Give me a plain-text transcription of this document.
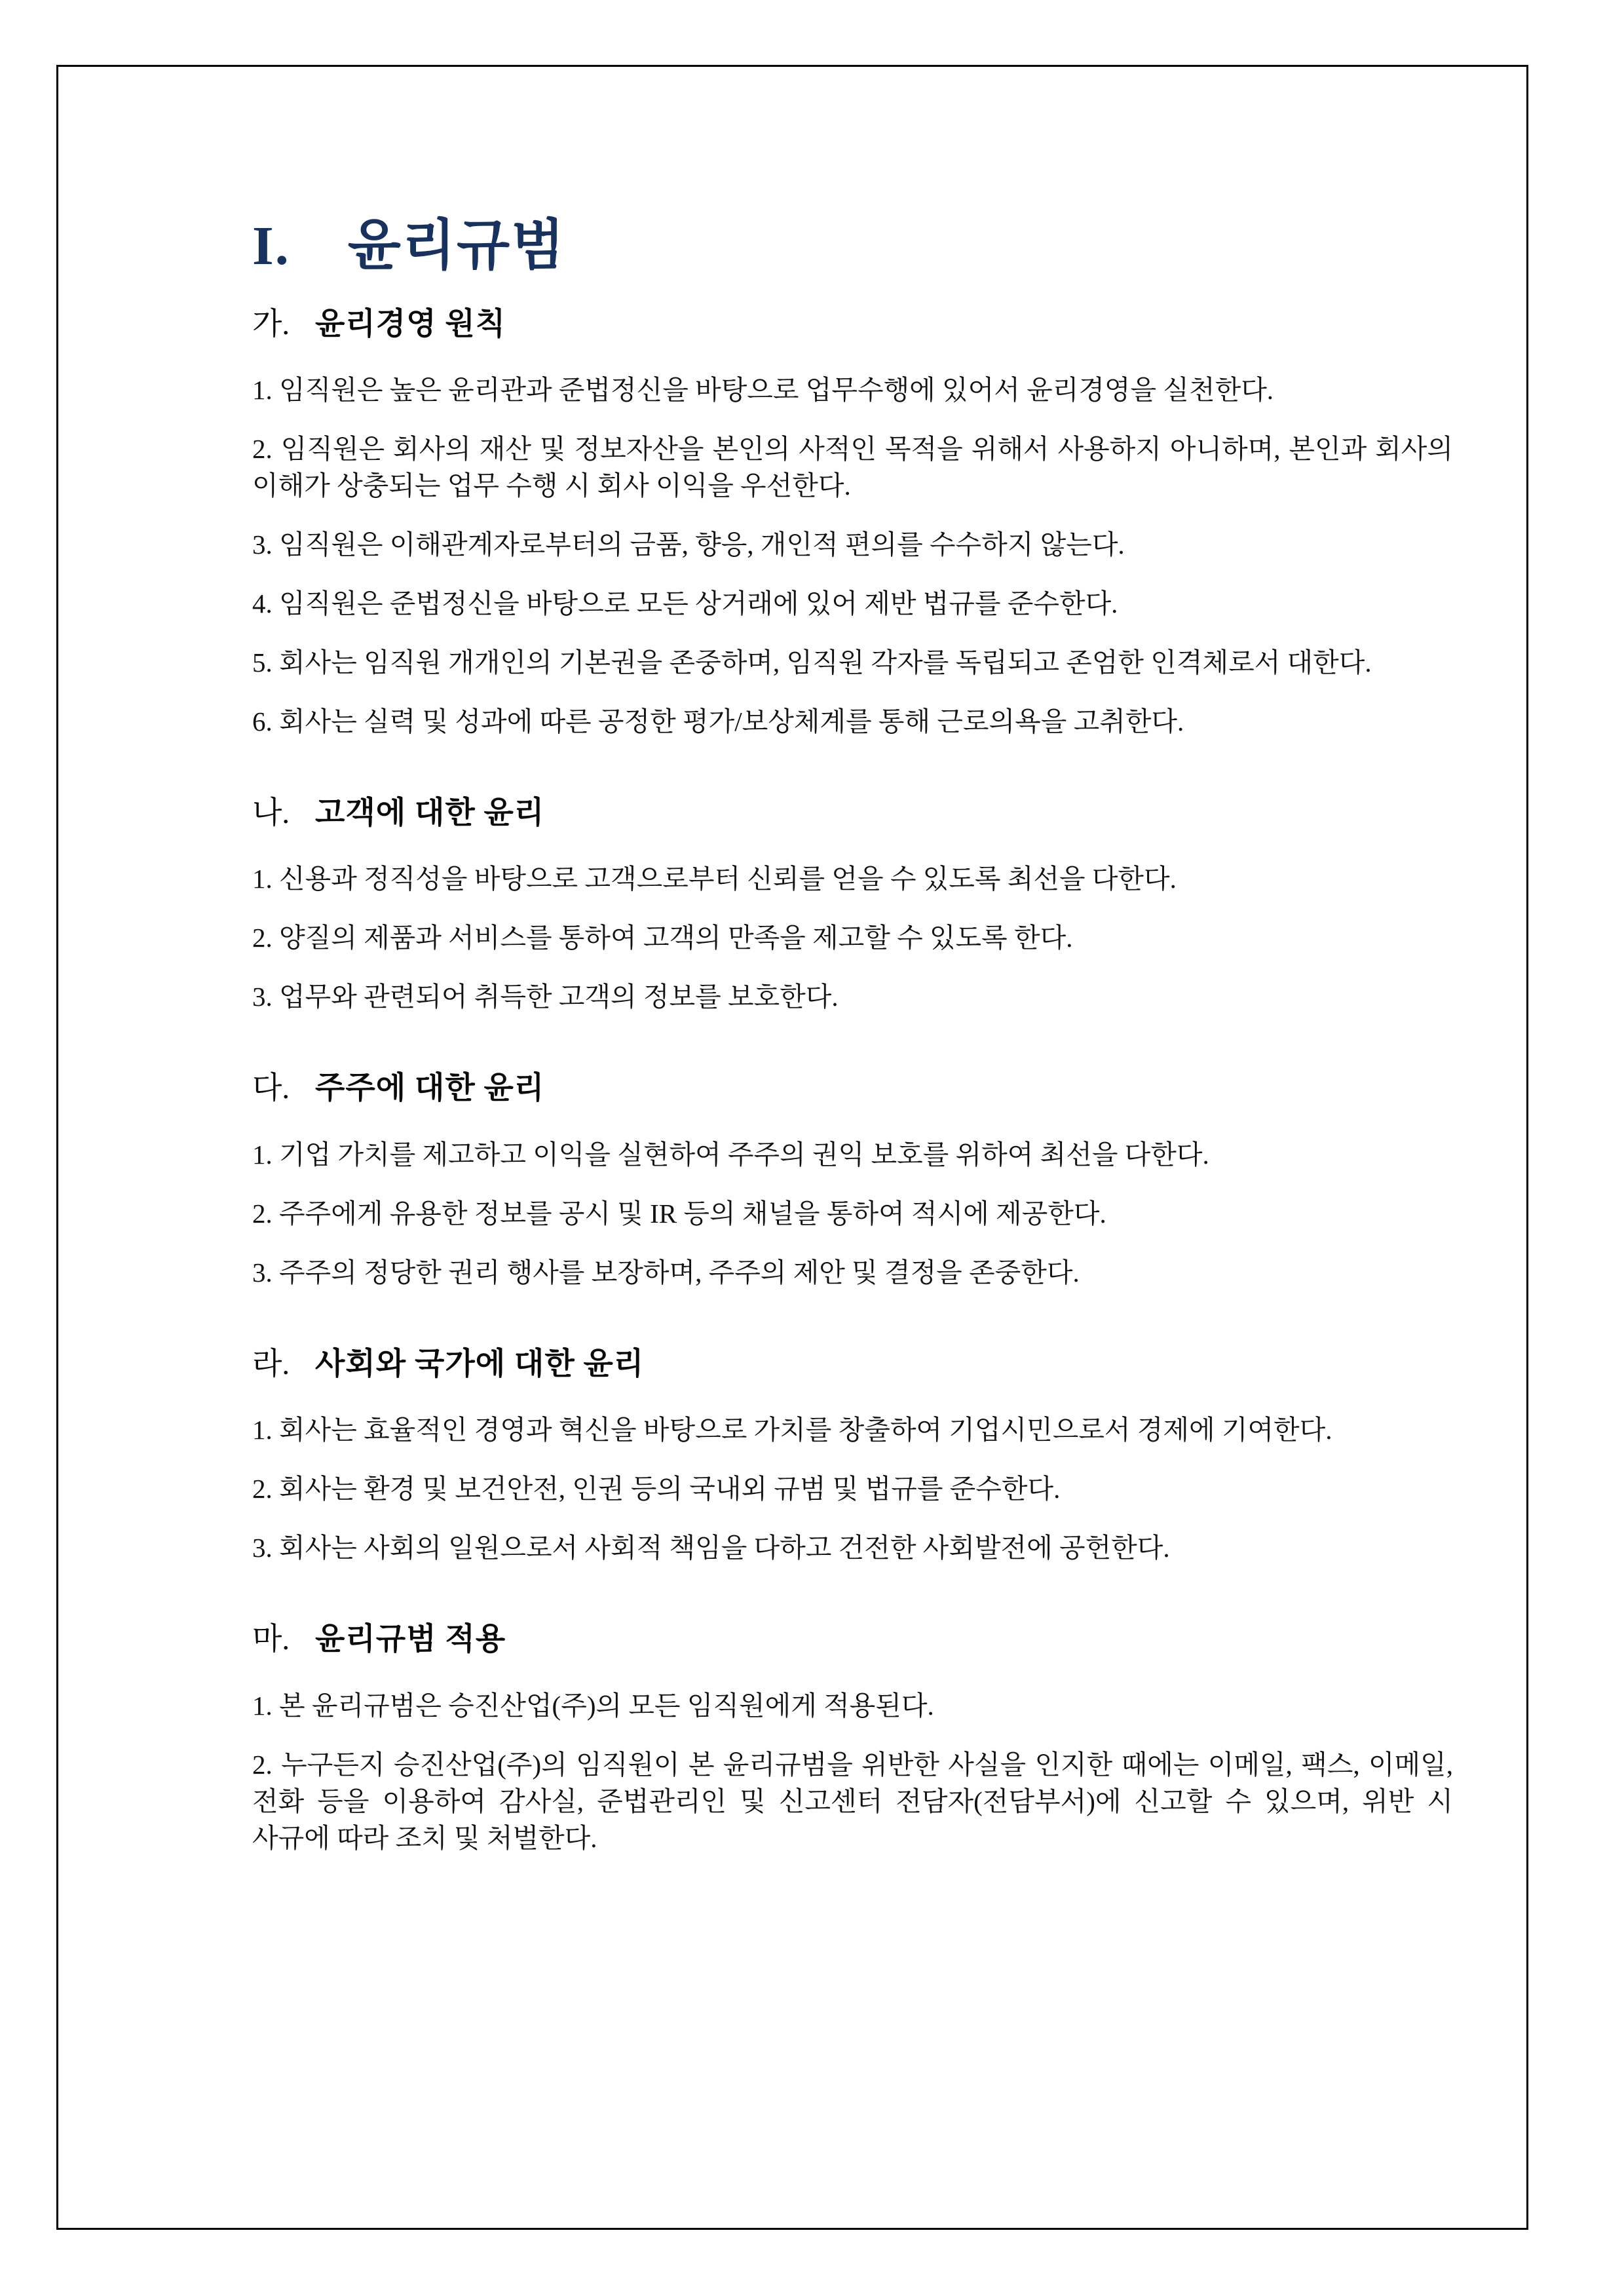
I. 윤리규범
가. 윤리경영 원칙

1. 임직원은 높은 윤리관과 준법정신을 바탕으로 업무수행에 있어서 윤리경영을 실천한다.

2. 임직원은 회사의 재산 및 정보자산을 본인의 사적인 목적을 위해서 사용하지 아니하며, 본인과 회사의 이해가 상충되는 업무 수행 시 회사 이익을 우선한다.

3. 임직원은 이해관계자로부터의 금품, 향응, 개인적 편의를 수수하지 않는다.

4. 임직원은 준법정신을 바탕으로 모든 상거래에 있어 제반 법규를 준수한다.

5. 회사는 임직원 개개인의 기본권을 존중하며, 임직원 각자를 독립되고 존엄한 인격체로서 대한다.

6. 회사는 실력 및 성과에 따른 공정한 평가/보상체계를 통해 근로의욕을 고취한다.

나. 고객에 대한 윤리

1. 신용과 정직성을 바탕으로 고객으로부터 신뢰를 얻을 수 있도록 최선을 다한다.

2. 양질의 제품과 서비스를 통하여 고객의 만족을 제고할 수 있도록 한다.

3. 업무와 관련되어 취득한 고객의 정보를 보호한다.

다. 주주에 대한 윤리

1. 기업 가치를 제고하고 이익을 실현하여 주주의 권익 보호를 위하여 최선을 다한다.

2. 주주에게 유용한 정보를 공시 및 IR 등의 채널을 통하여 적시에 제공한다.

3. 주주의 정당한 권리 행사를 보장하며, 주주의 제안 및 결정을 존중한다.

라. 사회와 국가에 대한 윤리

1. 회사는 효율적인 경영과 혁신을 바탕으로 가치를 창출하여 기업시민으로서 경제에 기여한다.

2. 회사는 환경 및 보건안전, 인권 등의 국내외 규범 및 법규를 준수한다.

3. 회사는 사회의 일원으로서 사회적 책임을 다하고 건전한 사회발전에 공헌한다.

마. 윤리규범 적용

1. 본 윤리규범은 승진산업(주)의 모든 임직원에게 적용된다.

2. 누구든지 승진산업(주)의 임직원이 본 윤리규범을 위반한 사실을 인지한 때에는 이메일, 팩스, 이메일, 전화 등을 이용하여 감사실, 준법관리인 및 신고센터 전담자(전담부서)에 신고할 수 있으며, 위반 시 사규에 따라 조치 및 처벌한다.
